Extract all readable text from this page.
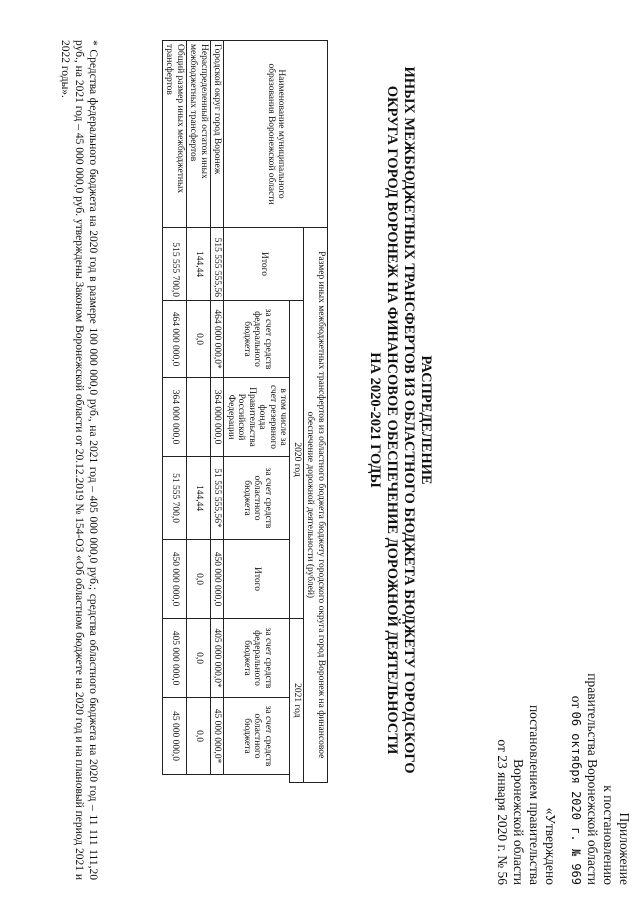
Приложение
к постановлению
правительства Воронежской области
от 06 октября 2020 г. № 969
«Утверждено
постановлением правительства
Воронежской области
от 23 января 2020 г. № 56
РАСПРЕДЕЛЕНИЕ
ИНЫХ МЕЖБЮДЖЕТНЫХ ТРАНСФЕРТОВ ИЗ ОБЛАСТНОГО БЮДЖЕТА БЮДЖЕТУ ГОРОДСКОГО
ОКРУГА ГОРОД ВОРОНЕЖ НА ФИНАНСОВОЕ ОБЕСПЕЧЕНИЕ ДОРОЖНОЙ ДЕЯТЕЛЬНОСТИ
НА 2020-2021 ГОДЫ
Наименование муниципального образования Воронежской области	Размер иных межбюджетных трансфертов из областного бюджета бюджету городского округа город Воронеж на финансовое обеспечение дорожной деятельности (рублей)							
	Итого	2020 год				2021 год		
		за счет средств федерального бюджета	в том числе за счет резервного фонда Правительства Российской Федерации	за счет средств областного бюджета	Итого	за счет средств федерального бюджета	за счет средств областного бюджета	
Городской округ город Воронеж	515 555 555,56	464 000 000,0*	364 000 000,0	51 555 555,56*	450 000 000,0	405 000 000,0*	45 000 000,0*	
Нераспределенный остаток иных межбюджетных трансфертов	144,44	0,0		144,44	0,0	0,0	0,0	
Общий размер иных межбюджетных трансфертов	515 555 700,0	464 000 000,0	364 000 000,0	51 555 700,0	450 000 000,0	405 000 000,0	45 000 000,0	
* Средства федерального бюджета на 2020 год в размере 100 000 000,0 руб., на 2021 год – 405 000 000,0 руб.; средства областного бюджета на 2020 год – 11 111 111,20 руб., на 2021 год – 45 000 000,0 руб. утверждены Законом Воронежской области от 20.12.2019 № 154-ОЗ «Об областном бюджете на 2020 год и на плановый период 2021 и 2022 годы».
